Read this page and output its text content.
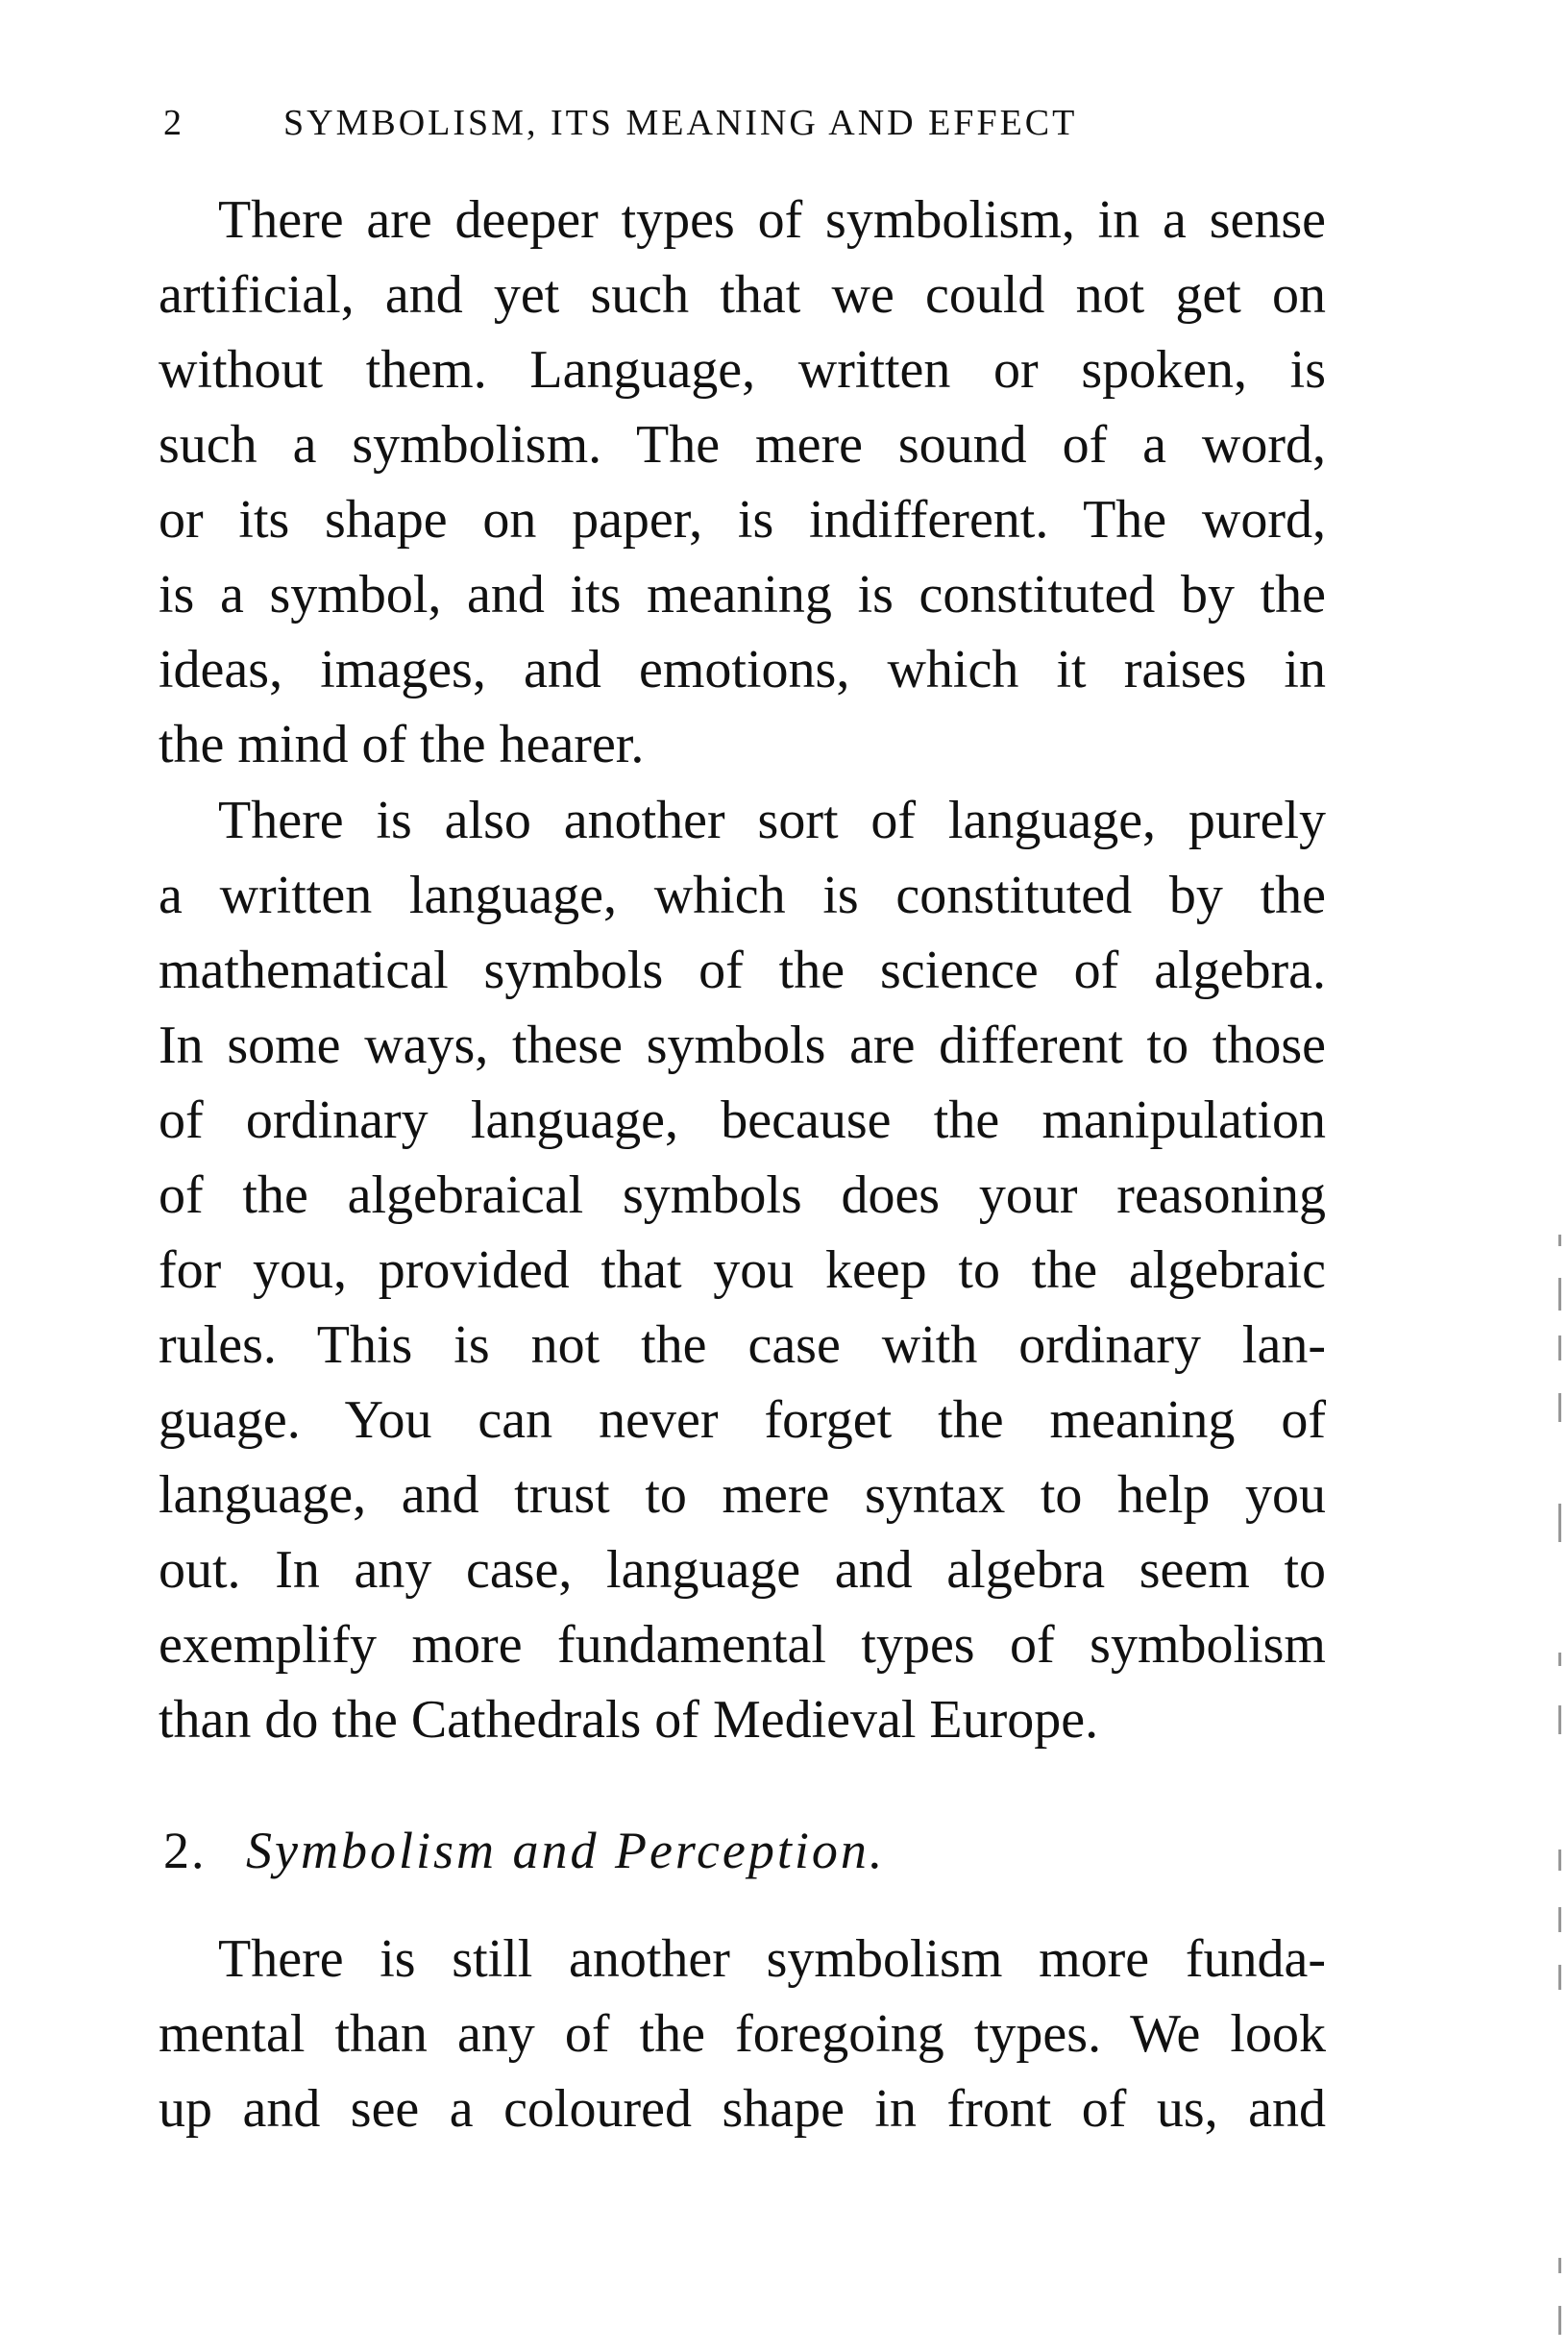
2	SYMBOLISM, ITS MEANING AND EFFECT
There are deeper types of symbolism, in a sense
artificial, and yet such that we could not get on
without them. Language, written or spoken, is
such a symbolism. The mere sound of a word,
or its shape on paper, is indifferent. The word,
is a symbol, and its meaning is constituted by the
ideas, images, and emotions, which it raises in
the mind of the hearer.
There is also another sort of language, purely
a written language, which is constituted by the
mathematical symbols of the science of algebra.
In some ways, these symbols are different to those
of ordinary language, because the manipulation
of the algebraical symbols does your reasoning
for you, provided that you keep to the algebraic
rules. This is not the case with ordinary lan-
guage. You can never forget the meaning of
language, and trust to mere syntax to help you
out. In any case, language and algebra seem to
exemplify more fundamental types of symbolism
than do the Cathedrals of Medieval Europe.
2. Symbolism and Perception.
There is still another symbolism more funda-
mental than any of the foregoing types. We look
up and see a coloured shape in front of us, and
